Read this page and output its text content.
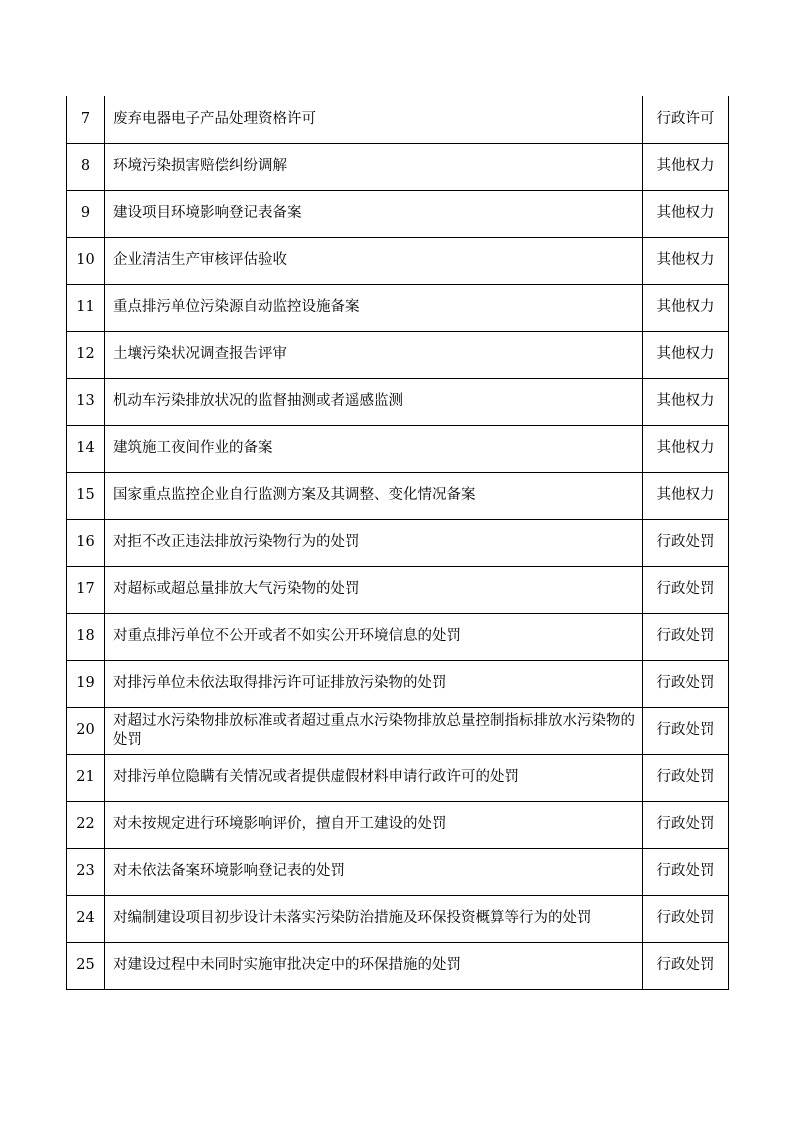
7	废弃电器电子产品处理资格许可	行政许可
8	环境污染损害赔偿纠纷调解	其他权力
9	建设项目环境影响登记表备案	其他权力
10	企业清洁生产审核评估验收	其他权力
11	重点排污单位污染源自动监控设施备案	其他权力
12	土壤污染状况调查报告评审	其他权力
13	机动车污染排放状况的监督抽测或者遥感监测	其他权力
14	建筑施工夜间作业的备案	其他权力
15	国家重点监控企业自行监测方案及其调整、变化情况备案	其他权力
16	对拒不改正违法排放污染物行为的处罚	行政处罚
17	对超标或超总量排放大气污染物的处罚	行政处罚
18	对重点排污单位不公开或者不如实公开环境信息的处罚	行政处罚
19	对排污单位未依法取得排污许可证排放污染物的处罚	行政处罚
20	对超过水污染物排放标准或者超过重点水污染物排放总量控制指标排放水污染物的处罚	行政处罚
21	对排污单位隐瞒有关情况或者提供虚假材料申请行政许可的处罚	行政处罚
22	对未按规定进行环境影响评价，擅自开工建设的处罚	行政处罚
23	对未依法备案环境影响登记表的处罚	行政处罚
24	对编制建设项目初步设计未落实污染防治措施及环保投资概算等行为的处罚	行政处罚
25	对建设过程中未同时实施审批决定中的环保措施的处罚	行政处罚
